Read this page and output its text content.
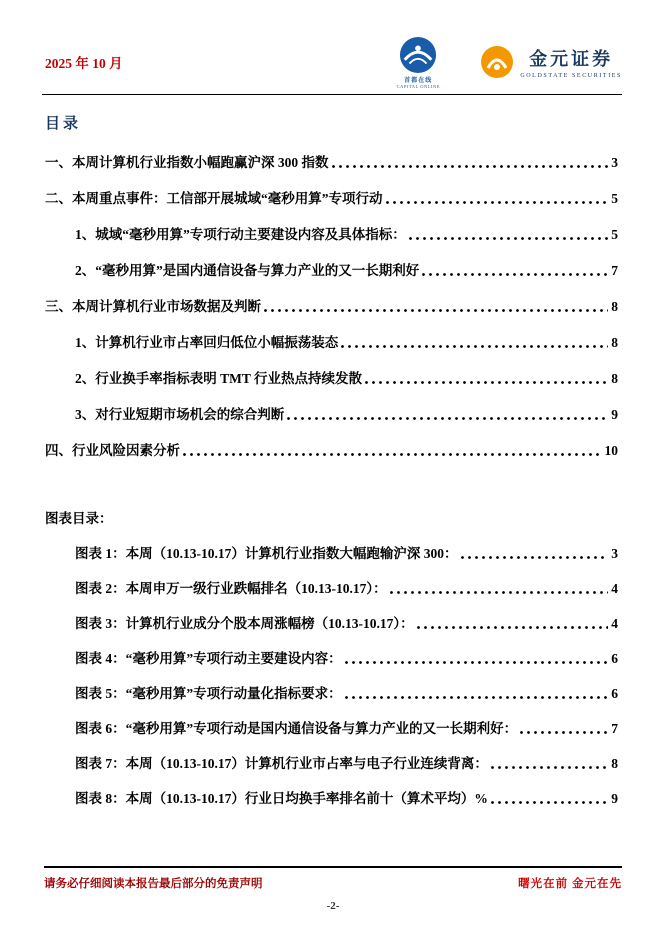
2025 年 10 月
首都在线
CAPITAL ONLINE
金元证券
GOLDSTATE SECURITIES
目录
一、本周计算机行业指数小幅跑赢沪深 300 指数	3
二、本周重点事件：工信部开展城域“毫秒用算”专项行动	5
1、城域“毫秒用算”专项行动主要建设内容及具体指标：	5
2、“毫秒用算”是国内通信设备与算力产业的又一长期利好	7
三、本周计算机行业市场数据及判断	8
1、计算机行业市占率回归低位小幅振荡装态	8
2、行业换手率指标表明 TMT 行业热点持续发散	8
3、对行业短期市场机会的综合判断	9
四、行业风险因素分析	10
图表目录：
图表 1：本周（10.13-10.17）计算机行业指数大幅跑输沪深 300：	3
图表 2：本周申万一级行业跌幅排名（10.13-10.17）：	4
图表 3：计算机行业成分个股本周涨幅榜（10.13-10.17）：	4
图表 4：“毫秒用算”专项行动主要建设内容：	6
图表 5：“毫秒用算”专项行动量化指标要求：	6
图表 6：“毫秒用算”专项行动是国内通信设备与算力产业的又一长期利好：	7
图表 7：本周（10.13-10.17）计算机行业市占率与电子行业连续背离：	8
图表 8：本周（10.13-10.17）行业日均换手率排名前十（算术平均）%	9
请务必仔细阅读本报告最后部分的免责声明	曙光在前 金元在先
-2-
